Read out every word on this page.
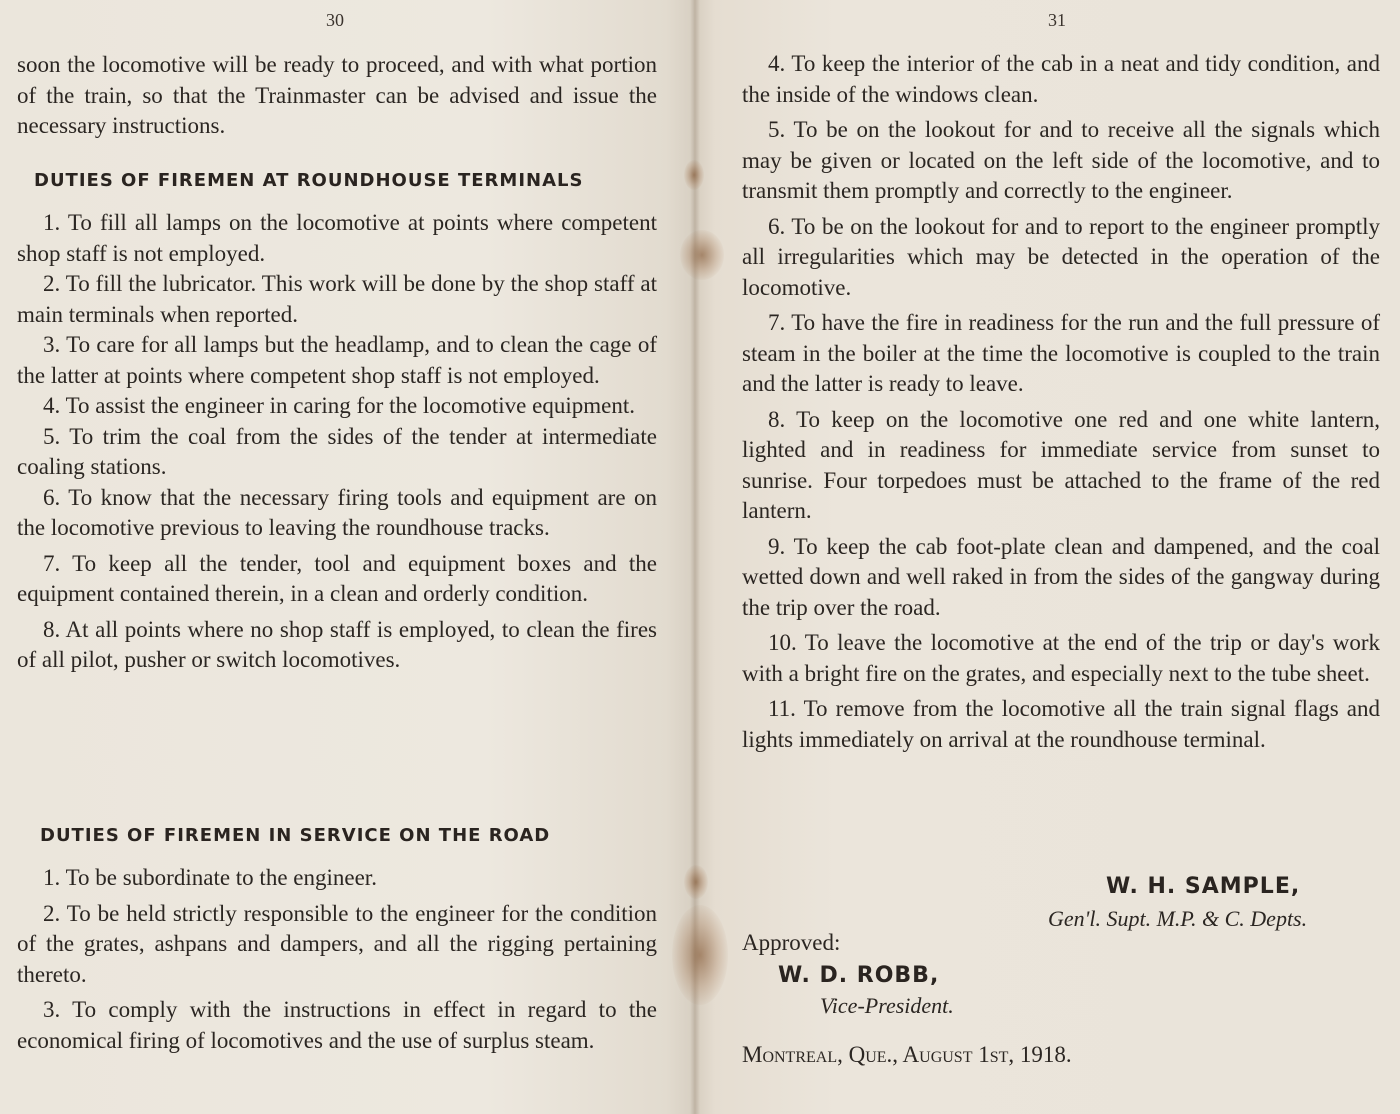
30

soon the locomotive will be ready to proceed, and with what portion of the train, so that the Trainmaster can be advised and issue the necessary instructions.

DUTIES OF FIREMEN AT ROUNDHOUSE TERMINALS

1. To fill all lamps on the locomotive at points where competent shop staff is not employed.

2. To fill the lubricator. This work will be done by the shop staff at main terminals when reported.

3. To care for all lamps but the headlamp, and to clean the cage of the latter at points where competent shop staff is not employed.

4. To assist the engineer in caring for the locomotive equipment.

5. To trim the coal from the sides of the tender at intermediate coaling stations.

6. To know that the necessary firing tools and equipment are on the locomotive previous to leaving the roundhouse tracks.

7. To keep all the tender, tool and equipment boxes and the equipment contained therein, in a clean and orderly condition.

8. At all points where no shop staff is employed, to clean the fires of all pilot, pusher or switch locomotives.

DUTIES OF FIREMEN IN SERVICE ON THE ROAD

1. To be subordinate to the engineer.

2. To be held strictly responsible to the engineer for the condition of the grates, ashpans and dampers, and all the rigging pertaining thereto.

3. To comply with the instructions in effect in regard to the economical firing of locomotives and the use of surplus steam.

31

4. To keep the interior of the cab in a neat and tidy condition, and the inside of the windows clean.

5. To be on the lookout for and to receive all the signals which may be given or located on the left side of the locomotive, and to transmit them promptly and correctly to the engineer.

6. To be on the lookout for and to report to the engineer promptly all irregularities which may be detected in the operation of the locomotive.

7. To have the fire in readiness for the run and the full pressure of steam in the boiler at the time the locomotive is coupled to the train and the latter is ready to leave.

8. To keep on the locomotive one red and one white lantern, lighted and in readiness for immediate service from sunset to sunrise. Four torpedoes must be attached to the frame of the red lantern.

9. To keep the cab foot-plate clean and dampened, and the coal wetted down and well raked in from the sides of the gangway during the trip over the road.

10. To leave the locomotive at the end of the trip or day's work with a bright fire on the grates, and especially next to the tube sheet.

11. To remove from the locomotive all the train signal flags and lights immediately on arrival at the roundhouse terminal.

W. H. SAMPLE,
Gen'l. Supt. M.P. & C. Depts.
Approved:
W. D. ROBB,
Vice-President.
Montreal, Que., August 1st, 1918.
